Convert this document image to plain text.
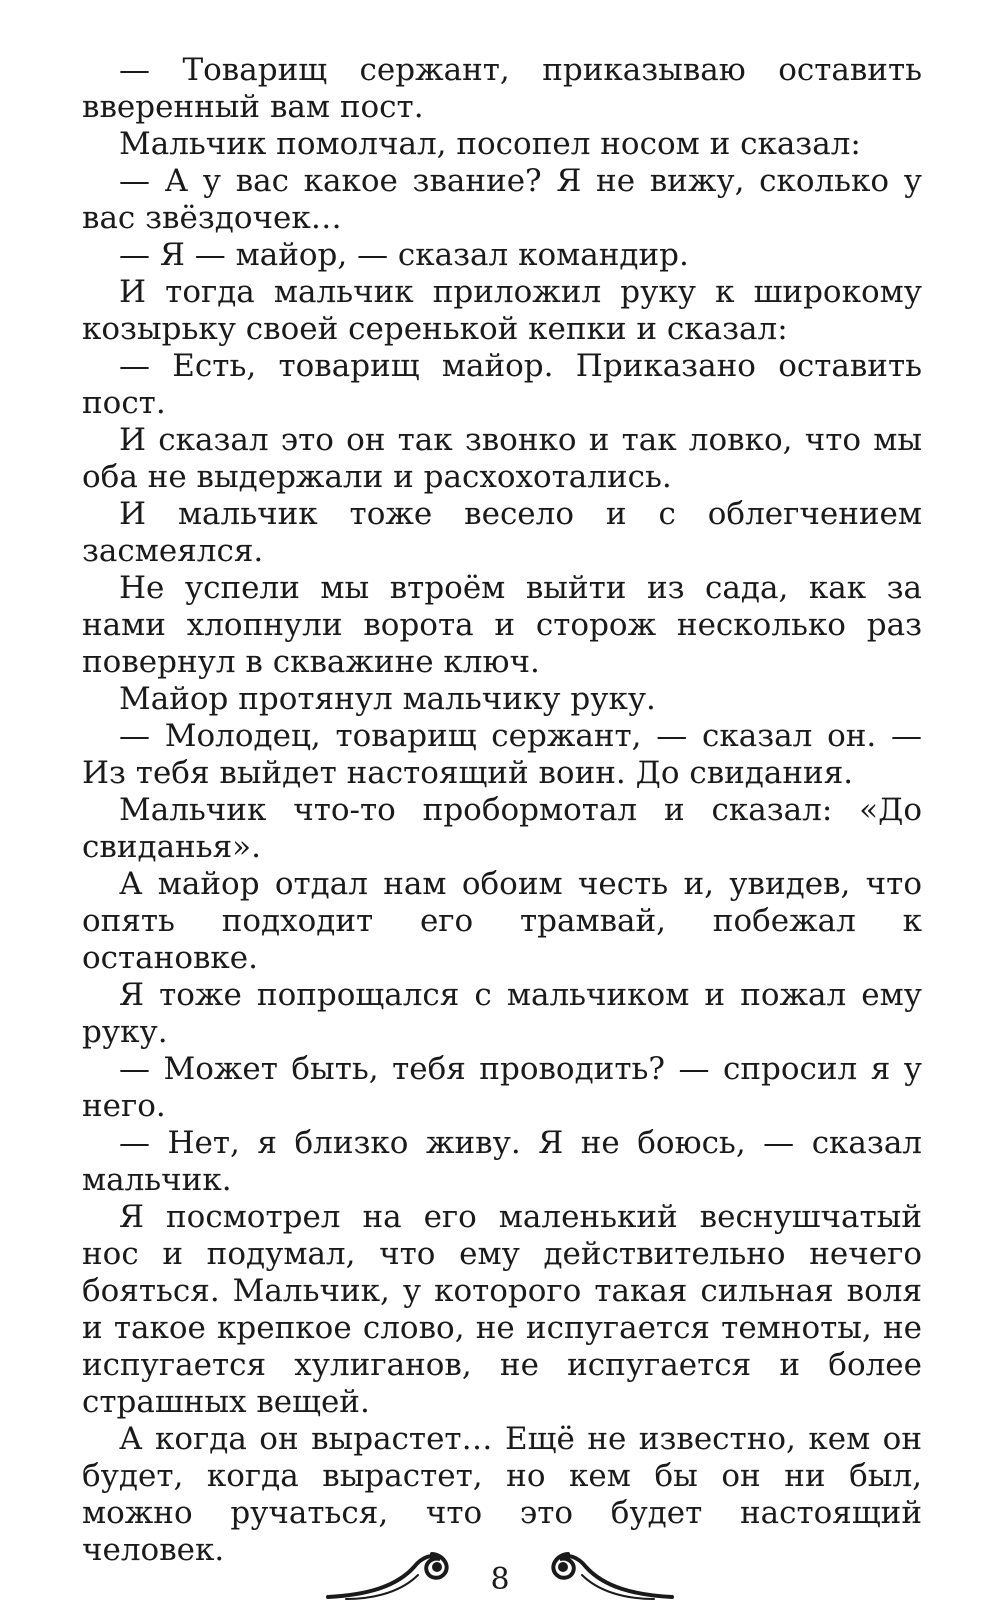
— Товарищ сержант, приказываю оставить вверенный вам пост.

Мальчик помолчал, посопел носом и сказал:

— А у вас какое звание? Я не вижу, сколько у вас звёздочек…

— Я — майор, — сказал командир.

И тогда мальчик приложил руку к широкому козырьку своей серенькой кепки и сказал:

— Есть, товарищ майор. Приказано оставить пост.

И сказал это он так звонко и так ловко, что мы оба не выдержали и расхохотались.

И мальчик тоже весело и с облегчением засмеялся.

Не успели мы втроём выйти из сада, как за нами хлопнули ворота и сторож несколько раз повернул в скважине ключ.

Майор протянул мальчику руку.

— Молодец, товарищ сержант, — сказал он. — Из тебя выйдет настоящий воин. До свидания.

Мальчик что-то пробормотал и сказал: «До свиданья».

А майор отдал нам обоим честь и, увидев, что опять подходит его трамвай, побежал к остановке.

Я тоже попрощался с мальчиком и пожал ему руку.

— Может быть, тебя проводить? — спросил я у него.

— Нет, я близко живу. Я не боюсь, — сказал мальчик.

Я посмотрел на его маленький веснушчатый нос и подумал, что ему действительно нечего бояться. Мальчик, у которого такая сильная воля и такое крепкое слово, не испугается темноты, не испугается хулиганов, не испугается и более страшных вещей.

А когда он вырастет… Ещё не известно, кем он будет, когда вырастет, но кем бы он ни был, можно ручаться, что это будет настоящий человек.

8
